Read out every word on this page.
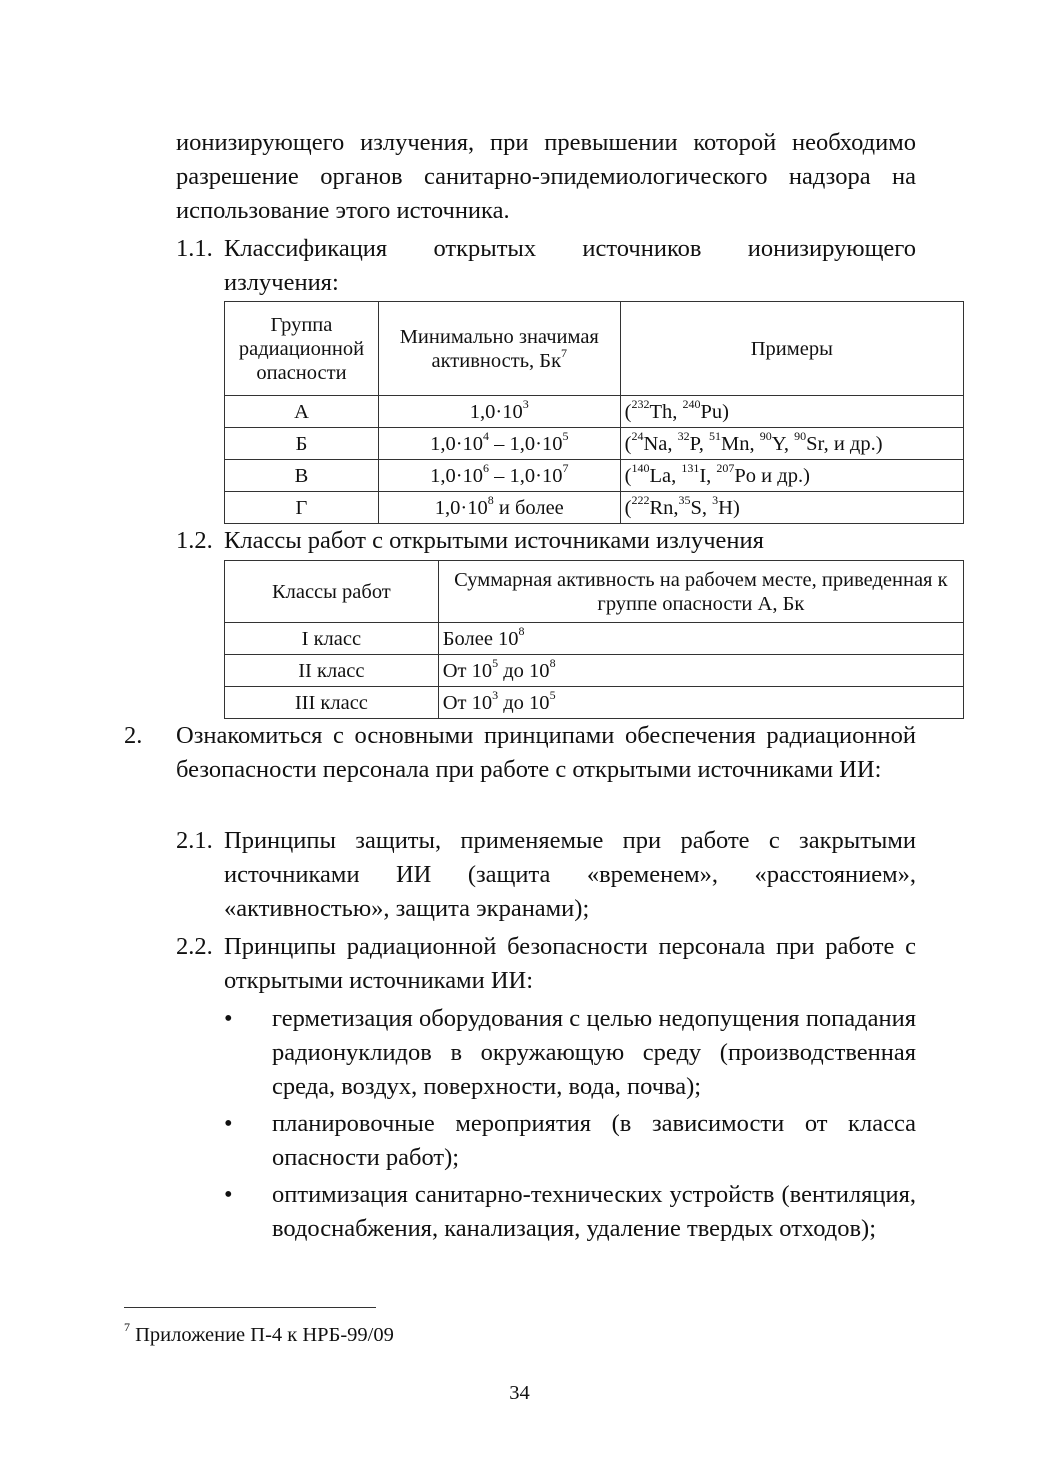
ионизирующего излучения, при превышении которой необходимо разрешение органов санитарно-эпидемиологического надзора на использование этого источника.

1.1. Классификация открытых источников ионизирующего излучения:
Группа радиационной опасности	Минимально значимая активность, $Бк^7$	Примеры
А	$1,0\cdot 10^3$	($^{232}$Th, $^{240}$Pu)
Б	$1,0\cdot 10^4 - 1,0\cdot 10^5$	($^{24}$Na, $^{32}$P, $^{51}$Mn, $^{90}$Y, $^{90}$Sr, и др.)
В	$1,0\cdot 10^6 - 1,0\cdot 10^7$	($^{140}$La, $^{131}$I, $^{207}$Po и др.)
Г	$1,0\cdot 10^8$ и более	($^{222}$Rn,$^{35}$S, $^3$H)
1.2. Классы работ с открытыми источниками излучения
Классы работ	Суммарная активность на рабочем месте, приведенная к группе опасности А, Бк
I класс	Более $10^8$
II класс	От $10^5$ до $10^8$
III класс	От $10^3$ до $10^5$
2. Ознакомиться с основными принципами обеспечения радиационной безопасности персонала при работе с открытыми источниками ИИ:
2.1. Принципы защиты, применяемые при работе с закрытыми источниками ИИ (защита «временем», «расстоянием», «активностью», защита экранами);
2.2. Принципы радиационной безопасности персонала при работе с открытыми источниками ИИ:
• герметизация оборудования с целью недопущения попадания радионуклидов в окружающую среду (производственная среда, воздух, поверхности, вода, почва);
• планировочные мероприятия (в зависимости от класса опасности работ);
• оптимизация санитарно-технических устройств (вентиляция, водоснабжения, канализация, удаление твердых отходов);
$^7$ Приложение П-4 к НРБ-99/09
34
